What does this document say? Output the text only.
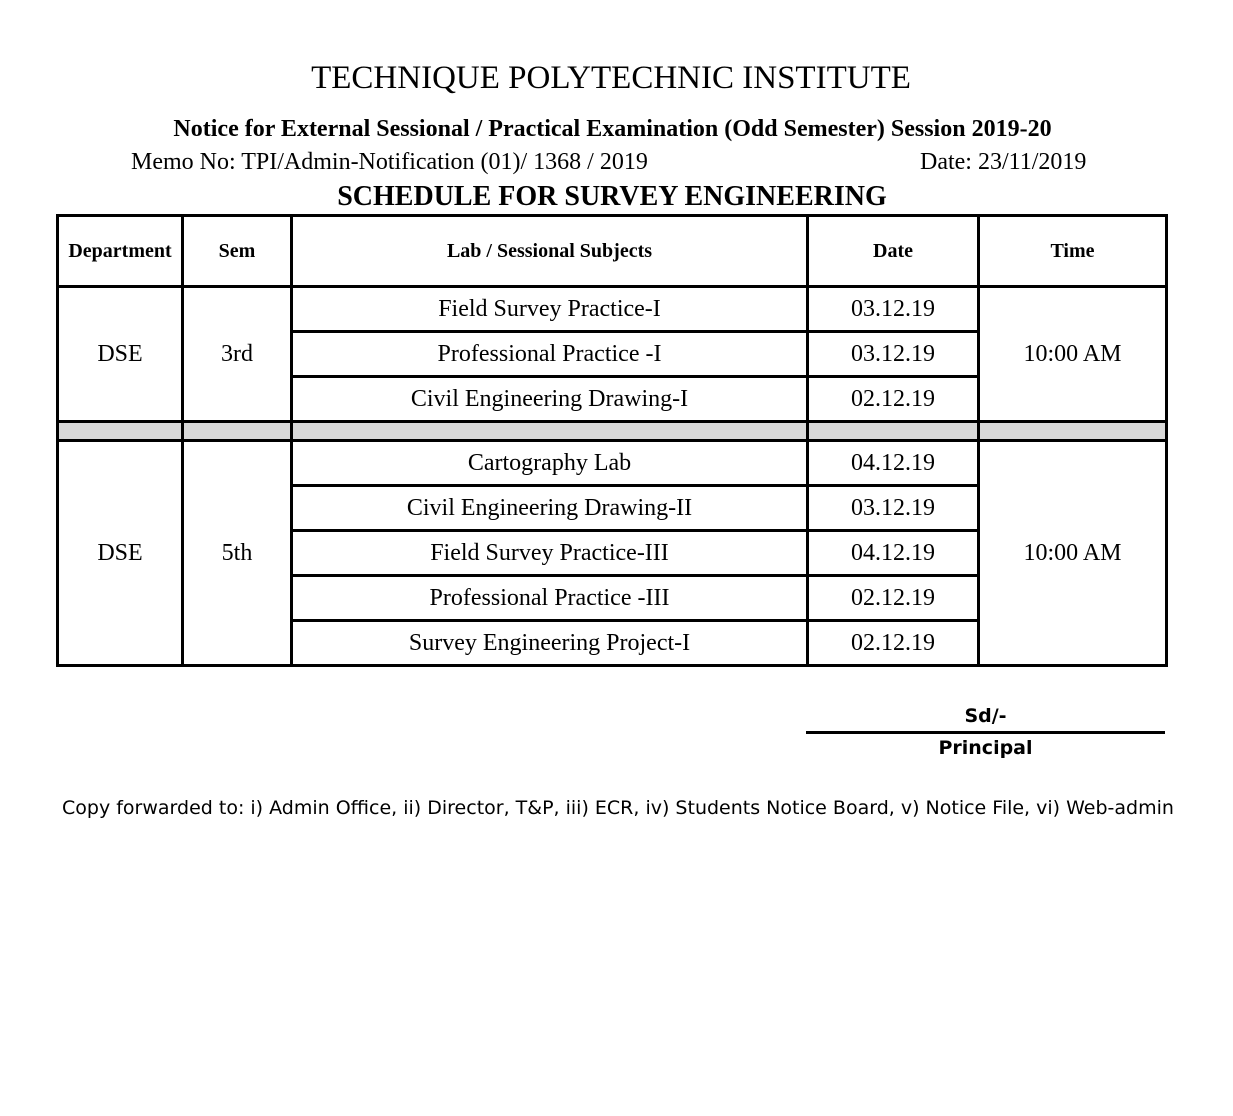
TECHNIQUE POLYTECHNIC INSTITUTE
Notice for External Sessional / Practical Examination (Odd Semester) Session 2019-20
Memo No: TPI/Admin-Notification (01)/ 1368 / 2019	Date: 23/11/2019
SCHEDULE FOR SURVEY ENGINEERING
Department	Sem	Lab / Sessional Subjects	Date	Time
DSE	3rd	Field Survey Practice-I	03.12.19	10:00 AM
		Professional Practice -I	03.12.19	
		Civil Engineering Drawing-I	02.12.19	

DSE	5th	Cartography Lab	04.12.19	10:00 AM
		Civil Engineering Drawing-II	03.12.19	
		Field Survey Practice-III	04.12.19	
		Professional Practice -III	02.12.19	
		Survey Engineering Project-I	02.12.19	
Sd/-
Principal
Copy forwarded to: i) Admin Office, ii) Director, T&P, iii) ECR, iv) Students Notice Board, v) Notice File, vi) Web-admin
